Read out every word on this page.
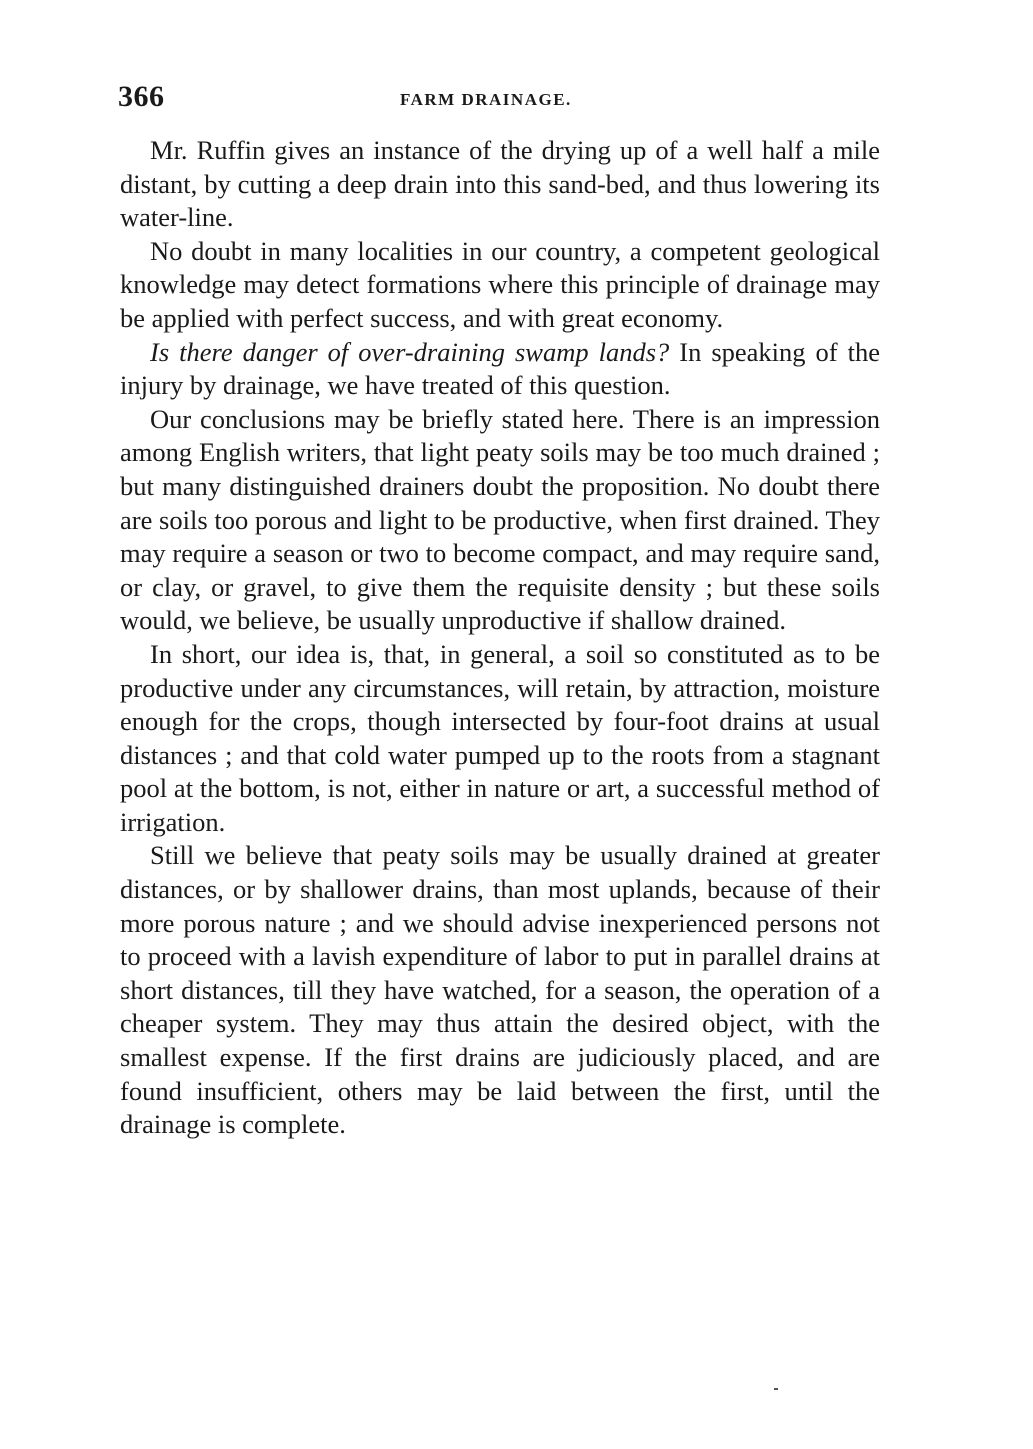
366	FARM DRAINAGE.

Mr. Ruffin gives an instance of the drying up of a well half a mile distant, by cutting a deep drain into this sand-bed, and thus lowering its water-line.

No doubt in many localities in our country, a competent geological knowledge may detect formations where this principle of drainage may be applied with perfect success, and with great economy.

Is there danger of over-draining swamp lands? In speaking of the injury by drainage, we have treated of this question.

Our conclusions may be briefly stated here. There is an impression among English writers, that light peaty soils may be too much drained ; but many distinguished drainers doubt the proposition. No doubt there are soils too porous and light to be productive, when first drained. They may require a season or two to become compact, and may require sand, or clay, or gravel, to give them the requisite density ; but these soils would, we believe, be usually unproductive if shallow drained.

In short, our idea is, that, in general, a soil so constituted as to be productive under any circumstances, will retain, by attraction, moisture enough for the crops, though intersected by four-foot drains at usual distances ; and that cold water pumped up to the roots from a stagnant pool at the bottom, is not, either in nature or art, a successful method of irrigation.

Still we believe that peaty soils may be usually drained at greater distances, or by shallower drains, than most uplands, because of their more porous nature ; and we should advise inexperienced persons not to proceed with a lavish expenditure of labor to put in parallel drains at short distances, till they have watched, for a season, the operation of a cheaper system. They may thus attain the desired object, with the smallest expense. If the first drains are judiciously placed, and are found insufficient, others may be laid between the first, until the drainage is complete.
